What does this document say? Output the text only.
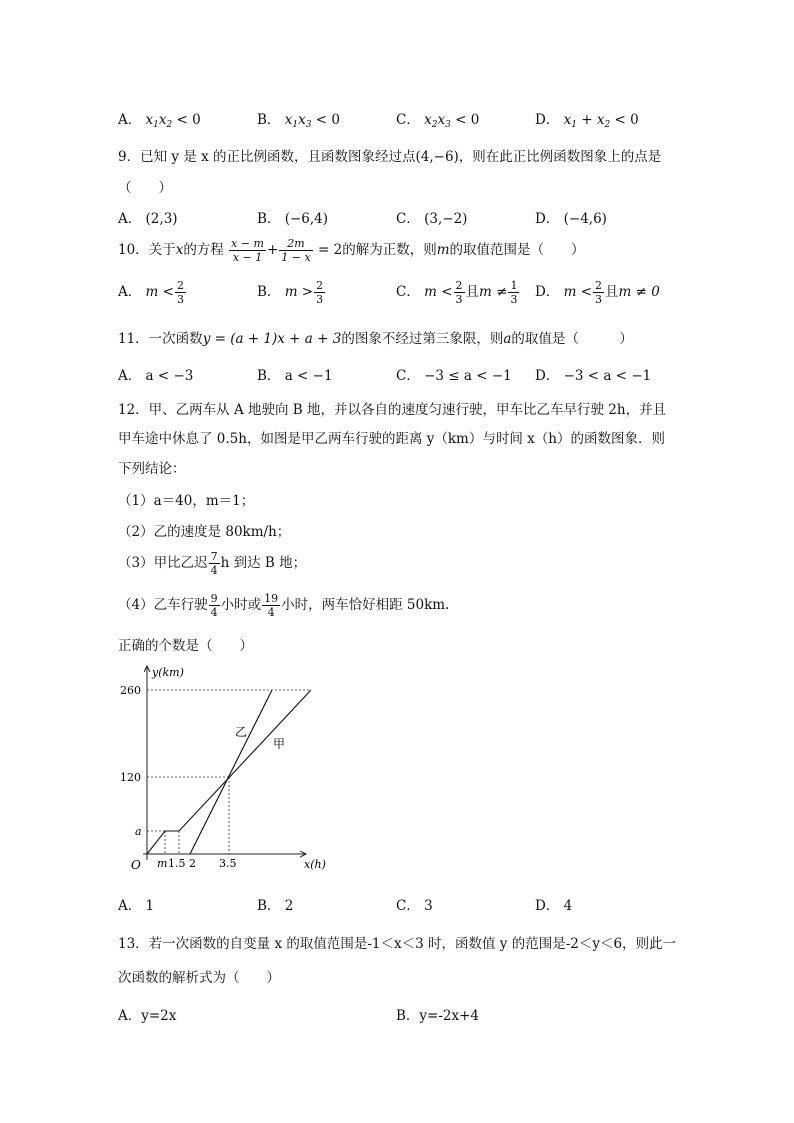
A． $x_1x_2 < 0$	B． $x_1x_3 < 0$	C． $x_2x_3 < 0$	D． $x_1 + x_2 < 0$
9．已知 y 是 x 的正比例函数，且函数图象经过点(4,−6)，则在此正比例函数图象上的点是
（　　）
A． (2,3)	B． (−6,4)	C． (3,−2)	D． (−4,6)
10．关于x的方程 $\frac{x - m}{x - 1} + \frac{2m}{1 - x} = 2$的解为正数，则m的取值范围是（　　）
A． $m < \frac{2}{3}$	B． $m > \frac{2}{3}$	C． $m < \frac{2}{3}$ 且$m \ne \frac{1}{3}$ D． $m < \frac{2}{3}$ 且m ≠ 0
11．一次函数y = (a + 1)x + a + 3的图象不经过第三象限，则a的取值是（　　　）
A． a < −3	B． a < −1	C． −3 ≤ a < −1 D． −3 < a < −1
12．甲、乙两车从 A 地驶向 B 地，并以各自的速度匀速行驶，甲车比乙车早行驶 2h，并且
甲车途中休息了 0.5h，如图是甲乙两车行驶的距离 y（km）与时间 x（h）的函数图象．则
下列结论：
（1）a＝40，m＝1；
（2）乙的速度是 80km/h；
（3）甲比乙迟 $\frac{7}{4}$ h 到达 B 地；
（4）乙车行驶 $\frac{9}{4}$ 小时或 $\frac{19}{4}$ 小时，两车恰好相距 50km.
正确的个数是（　　）
y(km)
x(h)
O
260
120
a
m 1.5 2 3.5
乙
甲
A． 1	B． 2	C． 3	D． 4
13．若一次函数的自变量 x 的取值范围是-1＜x＜3 时，函数值 y 的范围是-2＜y＜6，则此一
次函数的解析式为（　　）
A．y=2x	B．y=-2x+4
